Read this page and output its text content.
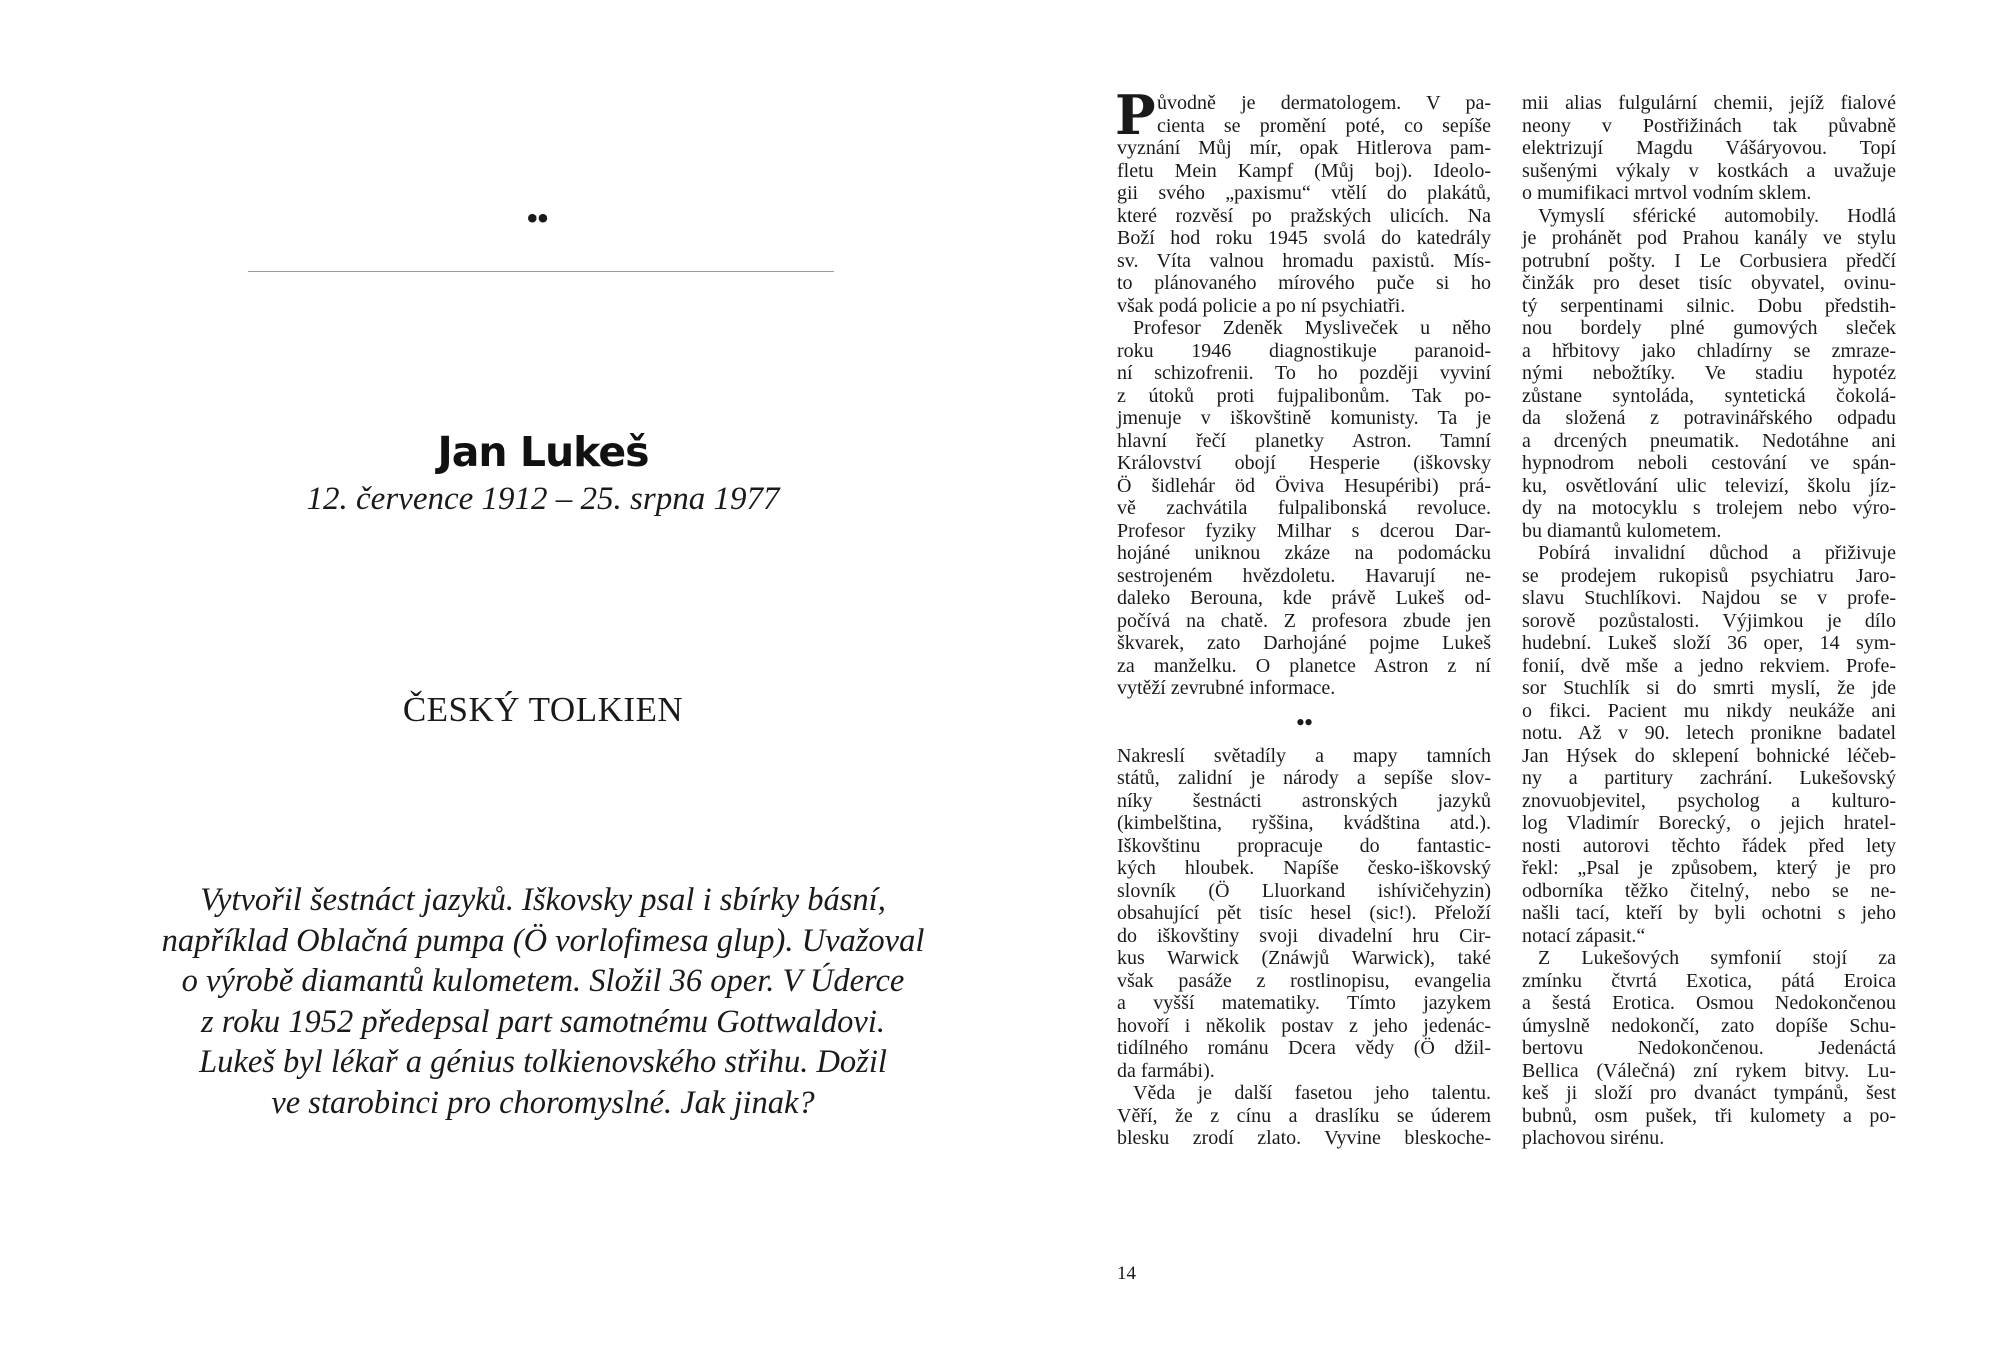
••
Jan Lukeš
12. července 1912 – 25. srpna 1977
ČESKÝ TOLKIEN
Vytvořil šestnáct jazyků. Iškovsky psal i sbírky básní,
například Oblačná pumpa (Ö vorlofimesa glup). Uvažoval
o výrobě diamantů kulometem. Složil 36 oper. V Úderce
z roku 1952 předepsal part samotnému Gottwaldovi.
Lukeš byl lékař a génius tolkienovského střihu. Dožil
ve starobinci pro choromyslné. Jak jinak?
P ůvodně je dermatologem. V pa-
cienta se promění poté, co sepíše
vyznání Můj mír, opak Hitlerova pam-
fletu Mein Kampf (Můj boj). Ideolo-
gii svého „paxismu“ vtělí do plakátů,
které rozvěsí po pražských ulicích. Na
Boží hod roku 1945 svolá do katedrály
sv. Víta valnou hromadu paxistů. Mís-
to plánovaného mírového puče si ho
však podá policie a po ní psychiatři.
Profesor Zdeněk Mysliveček u něho
roku 1946 diagnostikuje paranoid-
ní schizofrenii. To ho později vyviní
z útoků proti fujpalibonům. Tak po-
jmenuje v iškovštině komunisty. Ta je
hlavní řečí planetky Astron. Tamní
Království obojí Hesperie (iškovsky
Ö šidlehár öd Öviva Hesupéribi) prá-
vě zachvátila fulpalibonská revoluce.
Profesor fyziky Milhar s dcerou Dar-
hojáné uniknou zkáze na podomácku
sestrojeném hvězdoletu. Havarují ne-
daleko Berouna, kde právě Lukeš od-
počívá na chatě. Z profesora zbude jen
škvarek, zato Darhojáné pojme Lukeš
za manželku. O planetce Astron z ní
vytěží zevrubné informace.
••
Nakreslí světadíly a mapy tamních
států, zalidní je národy a sepíše slov-
níky šestnácti astronských jazyků
(kimbelština, ryššina, kvádština atd.).
Iškovštinu propracuje do fantastic-
kých hloubek. Napíše česko-iškovský
slovník (Ö Lluorkand ishívičehyzin)
obsahující pět tisíc hesel (sic!). Přeloží
do iškovštiny svoji divadelní hru Cir-
kus Warwick (Znáwjů Warwick), také
však pasáže z rostlinopisu, evangelia
a vyšší matematiky. Tímto jazykem
hovoří i několik postav z jeho jedenác-
tidílného románu Dcera vědy (Ö džil-
da farmábi).
Věda je další fasetou jeho talentu.
Věří, že z cínu a draslíku se úderem
blesku zrodí zlato. Vyvine bleskoche-
mii alias fulgulární chemii, jejíž fialové
neony v Postřižinách tak půvabně
elektrizují Magdu Vášáryovou. Topí
sušenými výkaly v kostkách a uvažuje
o mumifikaci mrtvol vodním sklem.
Vymyslí sférické automobily. Hodlá
je prohánět pod Prahou kanály ve stylu
potrubní pošty. I Le Corbusiera předčí
činžák pro deset tisíc obyvatel, ovinu-
tý serpentinami silnic. Dobu předstih-
nou bordely plné gumových sleček
a hřbitovy jako chladírny se zmraze-
nými nebožtíky. Ve stadiu hypotéz
zůstane syntoláda, syntetická čokolá-
da složená z potravinářského odpadu
a drcených pneumatik. Nedotáhne ani
hypnodrom neboli cestování ve spán-
ku, osvětlování ulic televizí, školu jíz-
dy na motocyklu s trolejem nebo výro-
bu diamantů kulometem.
Pobírá invalidní důchod a přiživuje
se prodejem rukopisů psychiatru Jaro-
slavu Stuchlíkovi. Najdou se v profe-
sorově pozůstalosti. Výjimkou je dílo
hudební. Lukeš složí 36 oper, 14 sym-
fonií, dvě mše a jedno rekviem. Profe-
sor Stuchlík si do smrti myslí, že jde
o fikci. Pacient mu nikdy neukáže ani
notu. Až v 90. letech pronikne badatel
Jan Hýsek do sklepení bohnické léčeb-
ny a partitury zachrání. Lukešovský
znovuobjevitel, psycholog a kulturo-
log Vladimír Borecký, o jejich hratel-
nosti autorovi těchto řádek před lety
řekl: „Psal je způsobem, který je pro
odborníka těžko čitelný, nebo se ne-
našli tací, kteří by byli ochotni s jeho
notací zápasit.“
Z Lukešových symfonií stojí za
zmínku čtvrtá Exotica, pátá Eroica
a šestá Erotica. Osmou Nedokončenou
úmyslně nedokončí, zato dopíše Schu-
bertovu Nedokončenou. Jedenáctá
Bellica (Válečná) zní rykem bitvy. Lu-
keš ji složí pro dvanáct tympánů, šest
bubnů, osm pušek, tři kulomety a po-
plachovou sirénu.
14
